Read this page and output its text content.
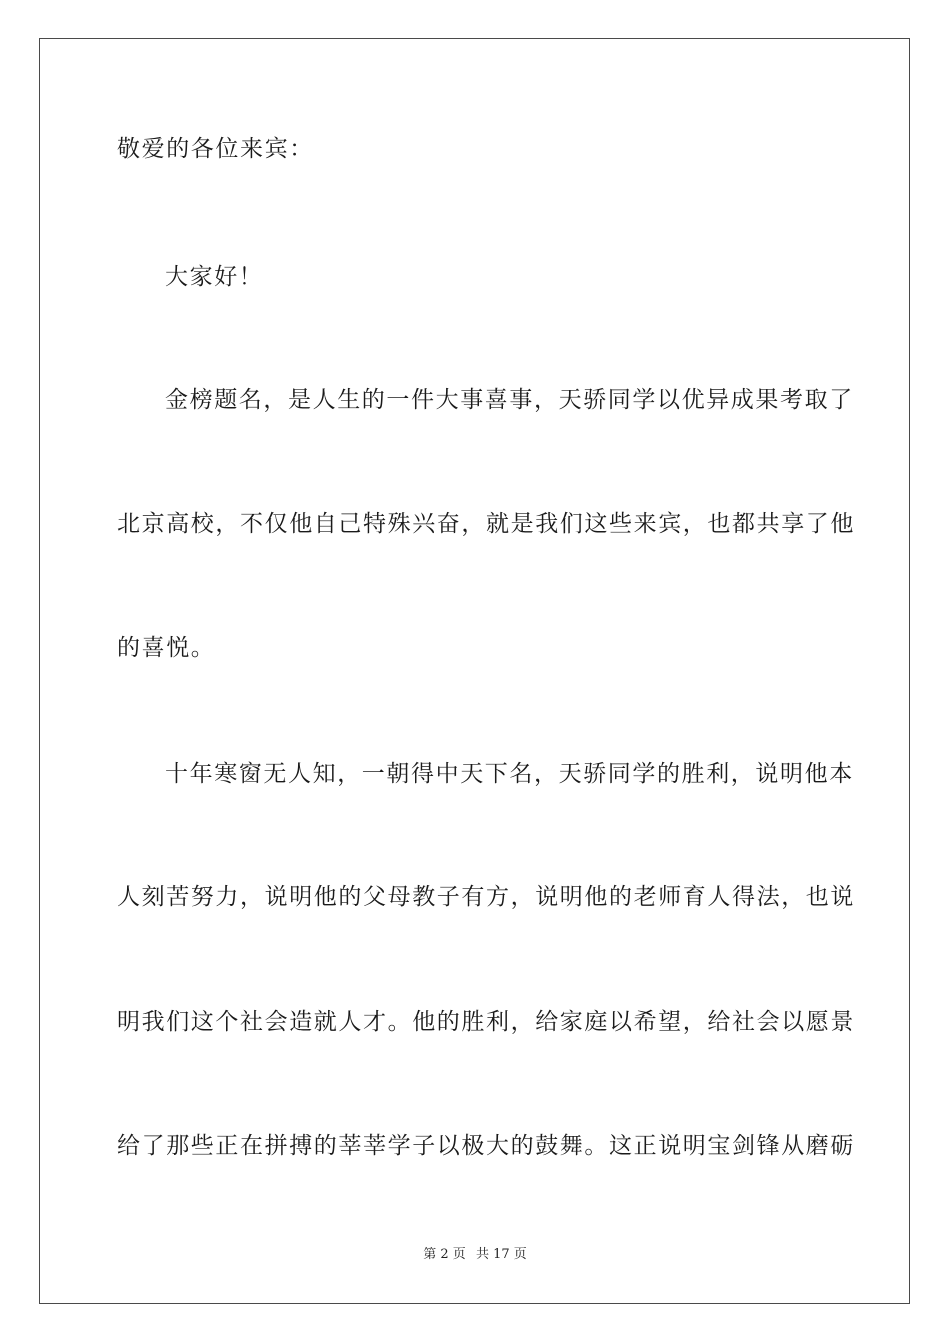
敬爱的各位来宾：
大家好！
金榜题名，是人生的一件大事喜事，天骄同学以优异成果考取了
北京高校，不仅他自己特殊兴奋，就是我们这些来宾，也都共享了他
的喜悦。
十年寒窗无人知，一朝得中天下名，天骄同学的胜利，说明他本
人刻苦努力，说明他的父母教子有方，说明他的老师育人得法，也说
明我们这个社会造就人才。他的胜利，给家庭以希望，给社会以愿景
给了那些正在拼搏的莘莘学子以极大的鼓舞。这正说明宝剑锋从磨砺
第 2 页 共 17 页
